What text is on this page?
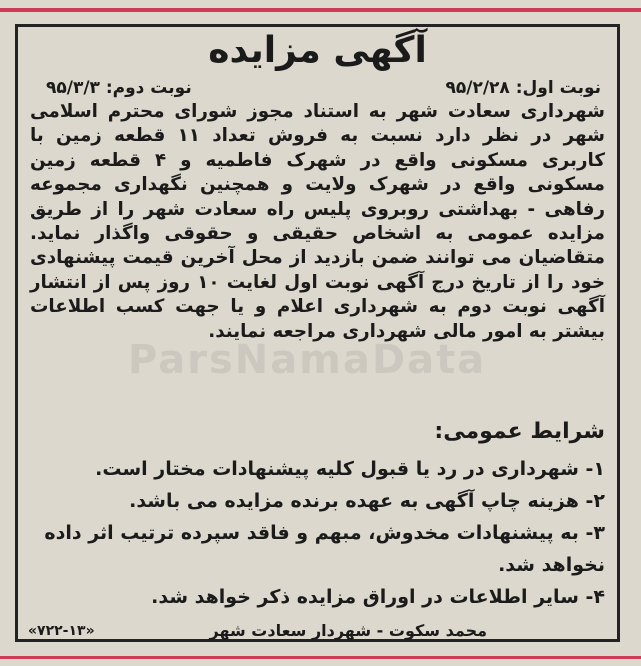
آگهی مزایده
نوبت اول: ۹۵/۲/۲۸
نوبت دوم: ۹۵/۳/۳
شهرداری سعادت شهر به استناد مجوز شورای محترم اسلامی شهر در نظر دارد نسبت به فروش تعداد ۱۱ قطعه زمین با کاربری مسکونی واقع در شهرک فاطمیه و ۴ قطعه زمین مسکونی واقع در شهرک ولایت و همچنین نگهداری مجموعه رفاهی - بهداشتی روبروی پلیس راه سعادت شهر را از طریق مزایده عمومی به اشخاص حقیقی و حقوقی واگذار نماید. متقاضیان می توانند ضمن بازدید از محل آخرین قیمت پیشنهادی خود را از تاریخ درج آگهی نوبت اول لغایت ۱۰ روز پس از انتشار آگهی نوبت دوم به شهرداری اعلام و یا جهت کسب اطلاعات بیشتر به امور مالی شهرداری مراجعه نمایند.
ParsNamaData
شرایط عمومی:
۱- شهرداری در رد یا قبول کلیه پیشنهادات مختار است.
۲- هزینه چاپ آگهی به عهده برنده مزایده می باشد.
۳- به پیشنهادات مخدوش، مبهم و فاقد سپرده ترتیب اثر داده نخواهد شد.
۴- سایر اطلاعات در اوراق مزایده ذکر خواهد شد.
محمد سکوت - شهردار سعادت شهر
«۷۲۲-۱۳»
